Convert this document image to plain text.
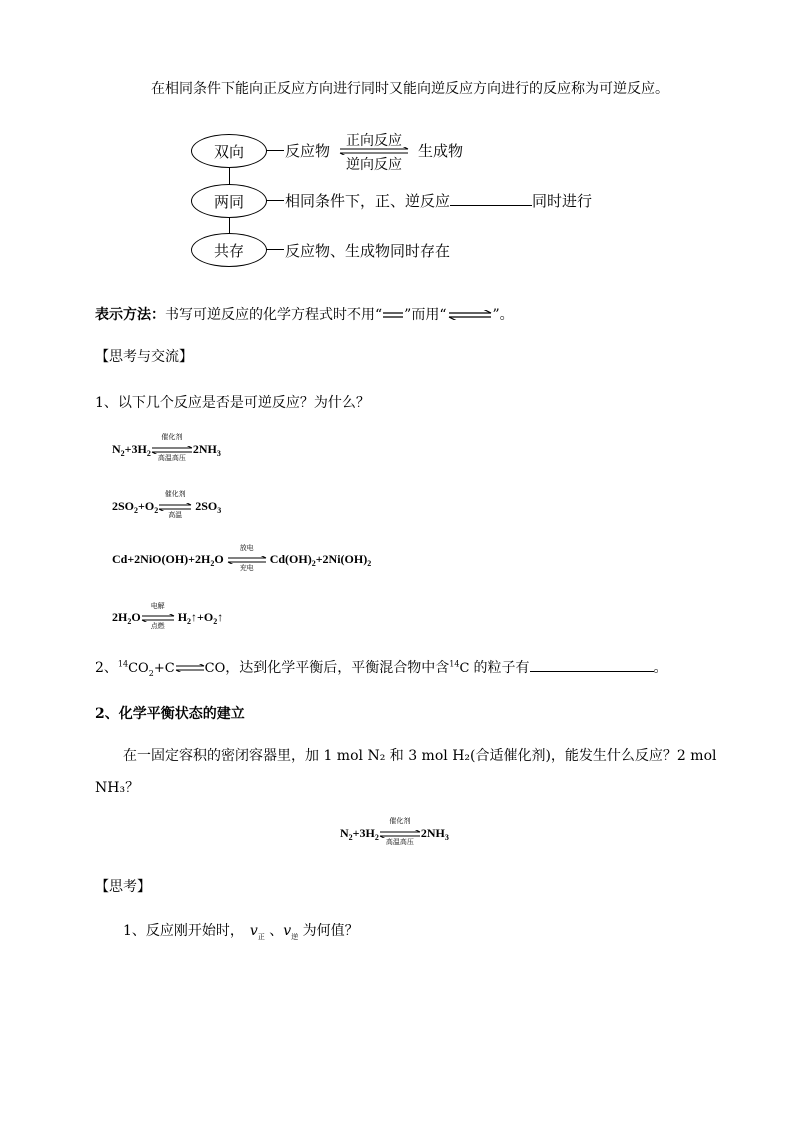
在相同条件下能向正反应方向进行同时又能向逆反应方向进行的反应称为可逆反应。
双向
两同
共存
反应物
正向反应
逆向反应
生成物
相同条件下，正、逆反应	同时进行
反应物、生成物同时存在
表示方法：书写可逆反应的化学方程式时不用“ ”而用“⇌”。
【思考与交流】
1、以下几个反应是否是可逆反应？为什么？
$N_2+3H_2$
催化剂
高温高压
$2NH_3$
$2SO_2+O_2$
催化剂
高温
$2SO_3$
$Cd+2NiO(OH)+2H_2O$
放电
充电
$Cd(OH)_2+2Ni(OH)_2$
$2H_2O$
电解
点燃
$H_2↑+O_2↑$
2、$^{14}CO_2+C$ CO，达到化学平衡后，平衡混合物中含$^{14}$C 的粒子有	。
2、化学平衡状态的建立
在一固定容积的密闭容器里，加 1 mol N₂ 和 3 mol H₂(合适催化剂)，能发生什么反应？2 mol
NH₃？
$N_2+3H_2$
催化剂
高温高压
$2NH_3$
【思考】
1、反应刚开始时， $v_正$ 、$v_逆$ 为何值？
